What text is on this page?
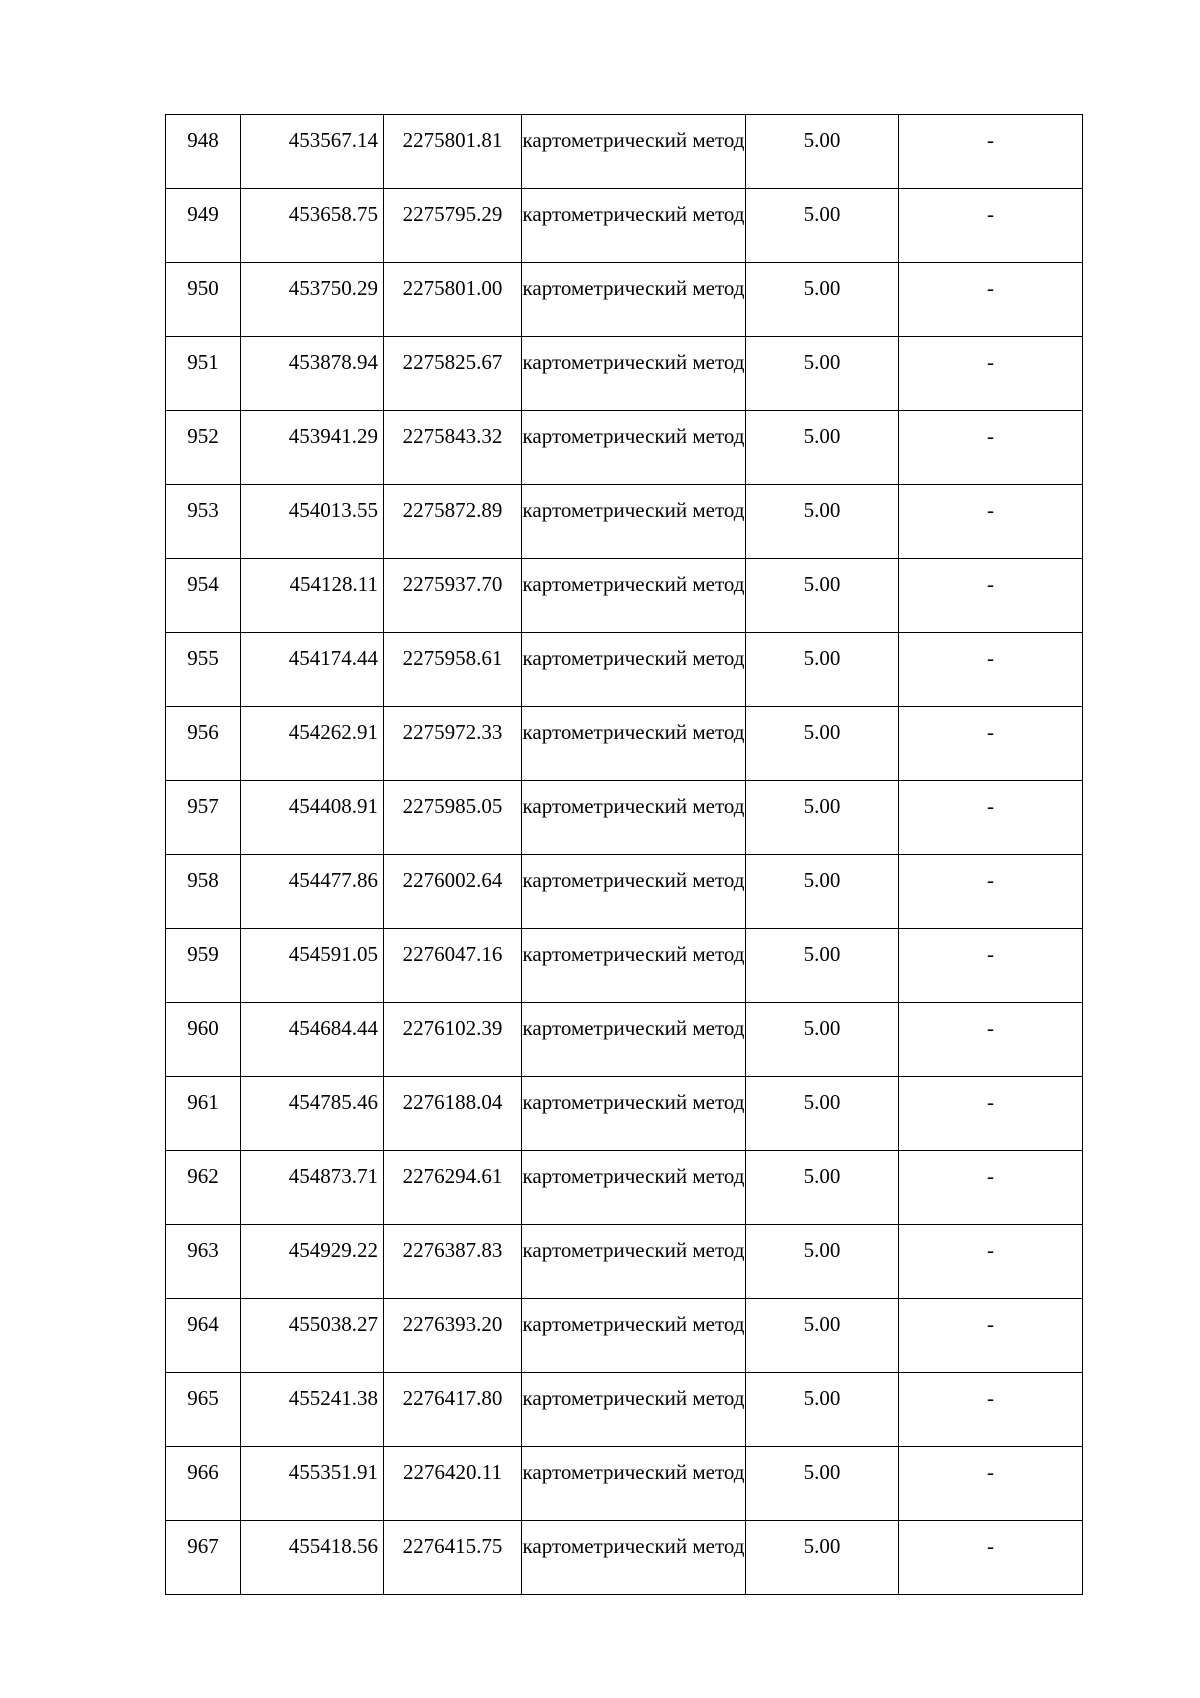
948	453567.14	2275801.81	картометрический метод	5.00	-

949	453658.75	2275795.29	картометрический метод	5.00	-

950	453750.29	2275801.00	картометрический метод	5.00	-

951	453878.94	2275825.67	картометрический метод	5.00	-

952	453941.29	2275843.32	картометрический метод	5.00	-

953	454013.55	2275872.89	картометрический метод	5.00	-

954	454128.11	2275937.70	картометрический метод	5.00	-

955	454174.44	2275958.61	картометрический метод	5.00	-

956	454262.91	2275972.33	картометрический метод	5.00	-

957	454408.91	2275985.05	картометрический метод	5.00	-

958	454477.86	2276002.64	картометрический метод	5.00	-

959	454591.05	2276047.16	картометрический метод	5.00	-

960	454684.44	2276102.39	картометрический метод	5.00	-

961	454785.46	2276188.04	картометрический метод	5.00	-

962	454873.71	2276294.61	картометрический метод	5.00	-

963	454929.22	2276387.83	картометрический метод	5.00	-

964	455038.27	2276393.20	картометрический метод	5.00	-

965	455241.38	2276417.80	картометрический метод	5.00	-

966	455351.91	2276420.11	картометрический метод	5.00	-

967	455418.56	2276415.75	картометрический метод	5.00	-
